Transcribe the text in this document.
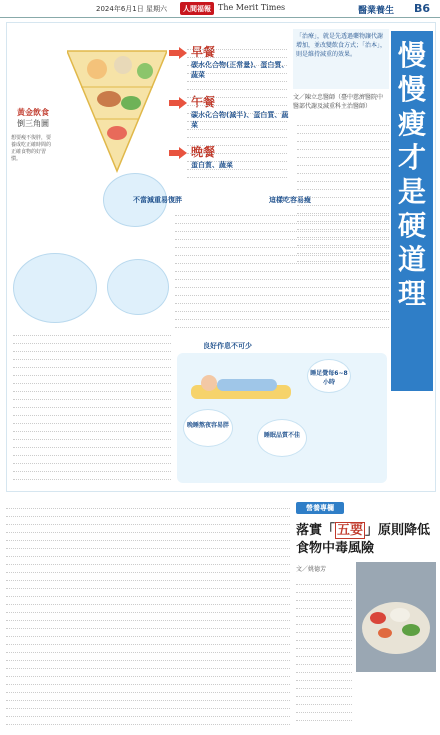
2024年6月1日 星期六	人間福報 The Merit Times	醫業養生 B6
慢慢瘦才是硬道理
「治療」，就是先透過藥物讓代謝增加，並改變飲食方式；「治本」，則是維持減重的效果。
文／陳立忠醫師（臺中慈濟醫院中醫部代謝及減重科主治醫師）
早餐
碳水化合物(正常量)、蛋白質、蔬菜
午餐
碳水化合物(減半)、蛋白質、蔬菜
晚餐
蛋白質、蔬菜
黃金飲食
倒三角圖
想要瘦不復胖，要養成吃正確時間的正確食物的好習慣。
不當減重易復胖	這樣吃容易瘦
良好作息不可少
睡足覺每6~8小時
晚睡熬夜容易胖
睡眠品質不佳
營養專欄
落實「 五要 」原則降低食物中毒風險
文／姚德芳
